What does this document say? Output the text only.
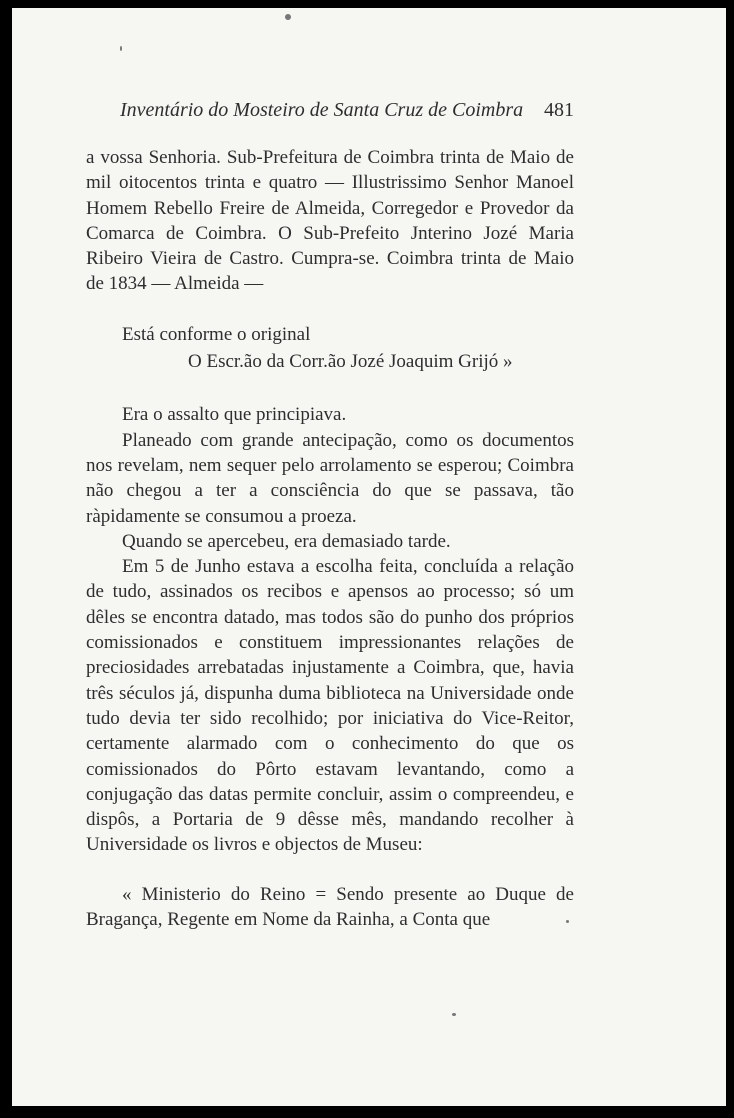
Inventário do Mosteiro de Santa Cruz de Coimbra 481

a vossa Senhoria. Sub-Prefeitura de Coimbra trinta de Maio de mil oitocentos trinta e quatro — Illustrissimo Senhor Manoel Homem Rebello Freire de Almeida, Corregedor e Provedor da Comarca de Coimbra. O Sub-Prefeito Jnterino Jozé Maria Ribeiro Vieira de Castro. Cumpra-se. Coimbra trinta de Maio de 1834 — Almeida —

Está conforme o original
O Escr.ão da Corr.ão Jozé Joaquim Grijó »

Era o assalto que principiava.

Planeado com grande antecipação, como os documentos nos revelam, nem sequer pelo arrolamento se esperou; Coimbra não chegou a ter a consciência do que se passava, tão ràpidamente se consumou a proeza.

Quando se apercebeu, era demasiado tarde.

Em 5 de Junho estava a escolha feita, concluída a relação de tudo, assinados os recibos e apensos ao processo; só um dêles se encontra datado, mas todos são do punho dos próprios comissionados e constituem impressionantes relações de preciosidades arrebatadas injustamente a Coimbra, que, havia três séculos já, dispunha duma biblioteca na Universidade onde tudo devia ter sido recolhido; por iniciativa do Vice-Reitor, certamente alarmado com o conhecimento do que os comissionados do Pôrto estavam levantando, como a conjugação das datas permite concluir, assim o compreendeu, e dispôs, a Portaria de 9 dêsse mês, mandando recolher à Universidade os livros e objectos de Museu:

« Ministerio do Reino = Sendo presente ao Duque de Bragança, Regente em Nome da Rainha, a Conta que
